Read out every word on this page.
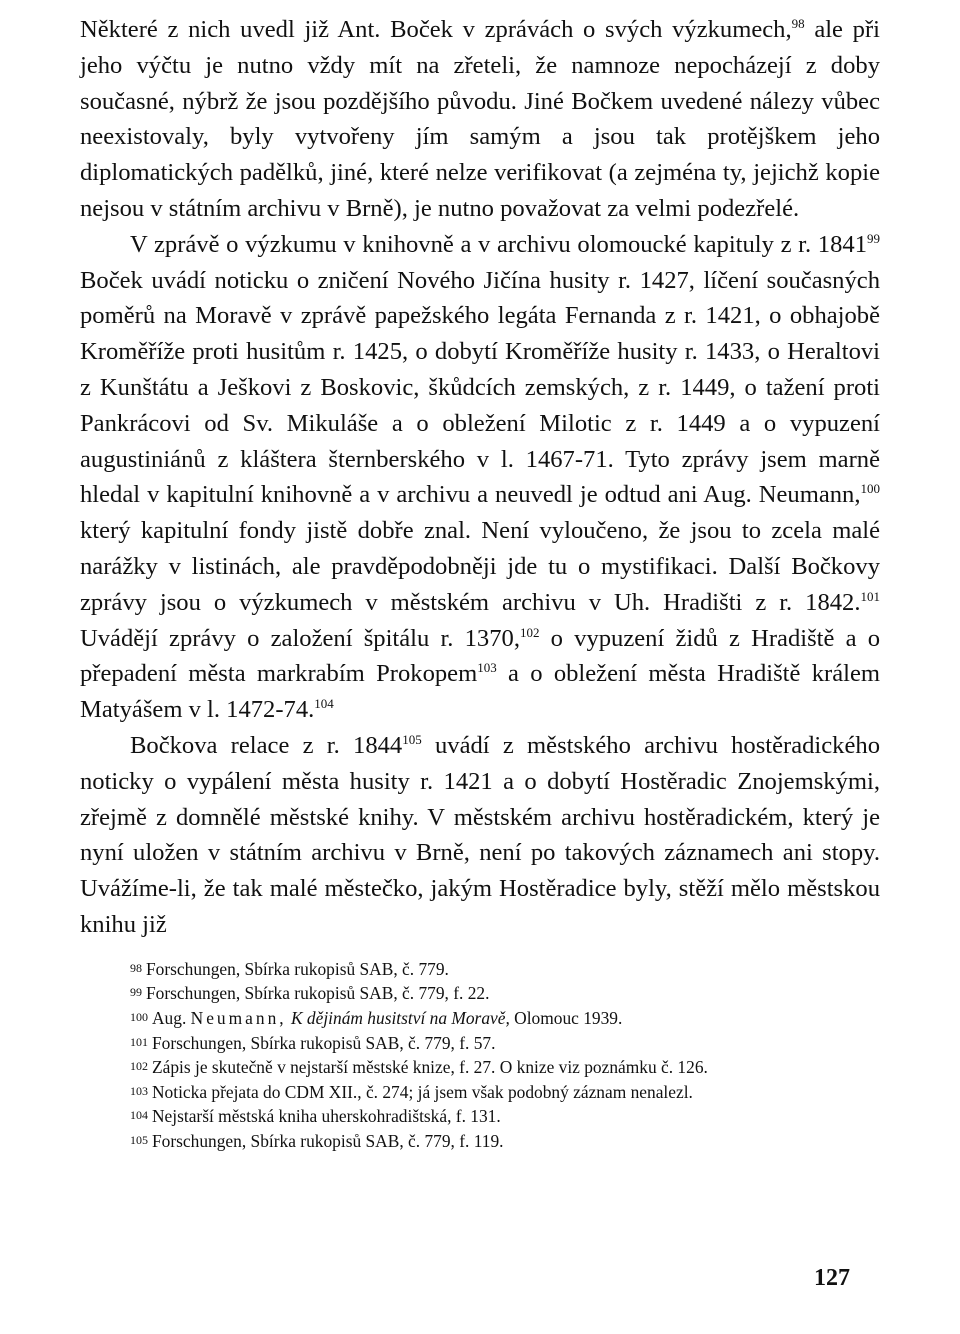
Některé z nich uvedl již Ant. Boček v zprávách o svých výzkumech,$^{98}$ ale při jeho výčtu je nutno vždy mít na zřeteli, že namnoze nepocházejí z doby současné, nýbrž že jsou pozdějšího původu. Jiné Bočkem uvedené nálezy vůbec neexistovaly, byly vytvořeny jím samým a jsou tak protějškem jeho diplomatických padělků, jiné, které nelze verifikovat (a zejména ty, jejichž kopie nejsou v státním archivu v Brně), je nutno považovat za velmi podezřelé.

V zprávě o výzkumu v knihovně a v archivu olomoucké kapituly z r. 1841$^{99}$ Boček uvádí noticku o zničení Nového Jičína husity r. 1427, líčení současných poměrů na Moravě v zprávě papežského legáta Fernanda z r. 1421, o obhajobě Kroměříže proti husitům r. 1425, o dobytí Kroměříže husity r. 1433, o Heraltovi z Kunštátu a Ješkovi z Boskovic, škůdcích zemských, z r. 1449, o tažení proti Pankrácovi od Sv. Mikuláše a o obležení Milotic z r. 1449 a o vypuzení augustiniánů z kláštera šternberského v l. 1467-71. Tyto zprávy jsem marně hledal v kapitulní knihovně a v archivu a neuvedl je odtud ani Aug. Neumann,$^{100}$ který kapitulní fondy jistě dobře znal. Není vyloučeno, že jsou to zcela malé narážky v listinách, ale pravděpodobněji jde tu o mystifikaci. Další Bočkovy zprávy jsou o výzkumech v městském archivu v Uh. Hradišti z r. 1842.$^{101}$ Uvádějí zprávy o založení špitálu r. 1370,$^{102}$ o vypuzení židů z Hradiště a o přepadení města markrabím Prokopem$^{103}$ a o obležení města Hradiště králem Matyášem v l. 1472-74.$^{104}$

Bočkova relace z r. 1844$^{105}$ uvádí z městského archivu hostěradického noticky o vypálení města husity r. 1421 a o dobytí Hostěradic Znojemskými, zřejmě z domnělé městské knihy. V městském archivu hostěradickém, který je nyní uložen v státním archivu v Brně, není po takových záznamech ani stopy. Uvážíme-li, že tak malé městečko, jakým Hostěradice byly, stěží mělo městskou knihu již

98 Forschungen, Sbírka rukopisů SAB, č. 779.

99 Forschungen, Sbírka rukopisů SAB, č. 779, f. 22.

100 Aug. Neumann, K dějinám husitství na Moravě, Olomouc 1939.

101 Forschungen, Sbírka rukopisů SAB, č. 779, f. 57.

102 Zápis je skutečně v nejstarší městské knize, f. 27. O knize viz poznámku č. 126.

103 Noticka přejata do CDM XII., č. 274; já jsem však podobný záznam nenalezl.

104 Nejstarší městská kniha uherskohradištská, f. 131.

105 Forschungen, Sbírka rukopisů SAB, č. 779, f. 119.

127
